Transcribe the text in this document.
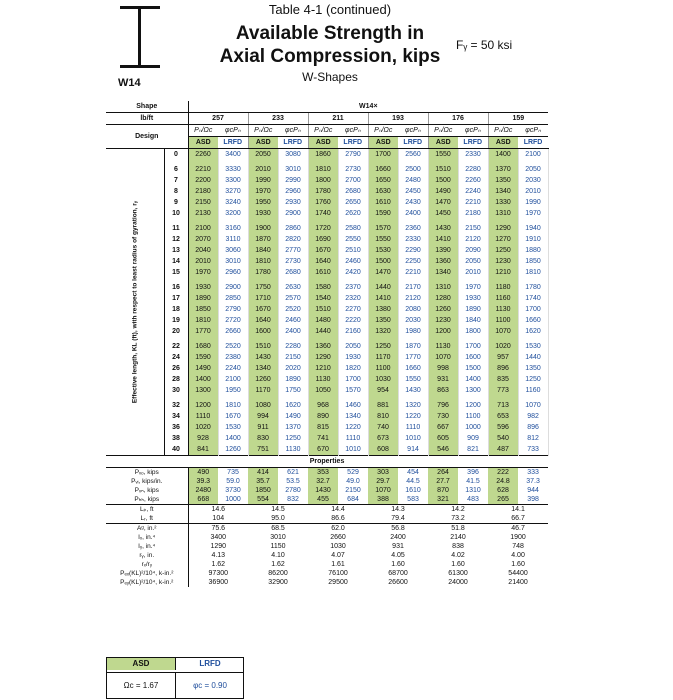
W14
Table 4-1 (continued)
Available Strength in
Axial Compression, kips
W-Shapes
Fᵧ = 50 ksi
Shape		W14×											
lb/ft		257		233		211		193		176		159	
Design		Pₙ/Ωc	φcPₙ	Pₙ/Ωc	φcPₙ	Pₙ/Ωc	φcPₙ	Pₙ/Ωc	φcPₙ	Pₙ/Ωc	φcPₙ	Pₙ/Ωc	φcPₙ
		ASD	LRFD	ASD	LRFD	ASD	LRFD	ASD	LRFD	ASD	LRFD	ASD	LRFD

Effective length, KL (ft), with respect to least radius of gyration, rᵧ	0	2260	3400	2050	3080	1860	2790	1700	2560	1550	2330	1400	2100
	6	2210	3330	2010	3010	1810	2730	1660	2500	1510	2280	1370	2050
	7	2200	3300	1990	2990	1800	2700	1650	2480	1500	2260	1350	2030
	8	2180	3270	1970	2960	1780	2680	1630	2450	1490	2240	1340	2010
	9	2150	3240	1950	2930	1760	2650	1610	2430	1470	2210	1330	1990
	10	2130	3200	1930	2900	1740	2620	1590	2400	1450	2180	1310	1970
	11	2100	3160	1900	2860	1720	2580	1570	2360	1430	2150	1290	1940
	12	2070	3110	1870	2820	1690	2550	1550	2330	1410	2120	1270	1910
	13	2040	3060	1840	2770	1670	2510	1530	2290	1390	2090	1250	1880
	14	2010	3010	1810	2730	1640	2460	1500	2250	1360	2050	1230	1850
	15	1970	2960	1780	2680	1610	2420	1470	2210	1340	2010	1210	1810
	16	1930	2900	1750	2630	1580	2370	1440	2170	1310	1970	1180	1780
	17	1890	2850	1710	2570	1540	2320	1410	2120	1280	1930	1160	1740
	18	1850	2790	1670	2520	1510	2270	1380	2080	1260	1890	1130	1700
	19	1810	2720	1640	2460	1480	2220	1350	2030	1230	1840	1100	1660
	20	1770	2660	1600	2400	1440	2160	1320	1980	1200	1800	1070	1620
	22	1680	2520	1510	2280	1360	2050	1250	1870	1130	1700	1020	1530
	24	1590	2380	1430	2150	1290	1930	1170	1770	1070	1600	957	1440
	26	1490	2240	1340	2020	1210	1820	1100	1660	998	1500	896	1350
	28	1400	2100	1260	1890	1130	1700	1030	1550	931	1400	835	1250
	30	1300	1950	1170	1750	1050	1570	954	1430	863	1300	773	1160
	32	1200	1810	1080	1620	968	1460	881	1320	796	1200	713	1070
	34	1110	1670	994	1490	890	1340	810	1220	730	1100	653	982
	36	1020	1530	911	1370	815	1220	740	1110	667	1000	596	896
	38	928	1400	830	1250	741	1110	673	1010	605	909	540	812
	40	841	1260	751	1130	670	1010	608	914	546	821	487	733
Properties													
Pᵥₒ, kips		490	735	414	621	353	529	303	454	264	396	222	333
Pᵥᵢ, kips/in.		39.3	59.0	35.7	53.5	32.7	49.0	29.7	44.5	27.7	41.5	24.8	37.3
Pᵥₙ, kips		2480	3730	1850	2780	1430	2150	1070	1610	870	1310	628	944
Pₕₕ, kips		668	1000	554	832	455	684	388	583	321	483	265	398
Lₚ, ft		14.6		14.5		14.4		14.3		14.2		14.1	
Lᵣ, ft		104		95.0		86.6		79.4		73.2		66.7	
Aᵍ, in.²		75.6		68.5		62.0		56.8		51.8		46.7	
Iₓ, in.⁴		3400		3010		2660		2400		2140		1900	
Iᵧ, in.⁴		1290		1150		1030		931		838		748	
rᵧ, in.		4.13		4.10		4.07		4.05		4.02		4.00	
rₓ/rᵧ		1.62		1.62		1.61		1.60		1.60		1.60	
Pₑₓ(KL)²/10⁴, k-in.²		97300		86200		76100		68700		61300		54400	
Pₑᵧ(KL)²/10⁴, k-in.²		36900		32900		29500		26600		24000		21400	
ASD	LRFD
Ωc = 1.67	φc = 0.90
